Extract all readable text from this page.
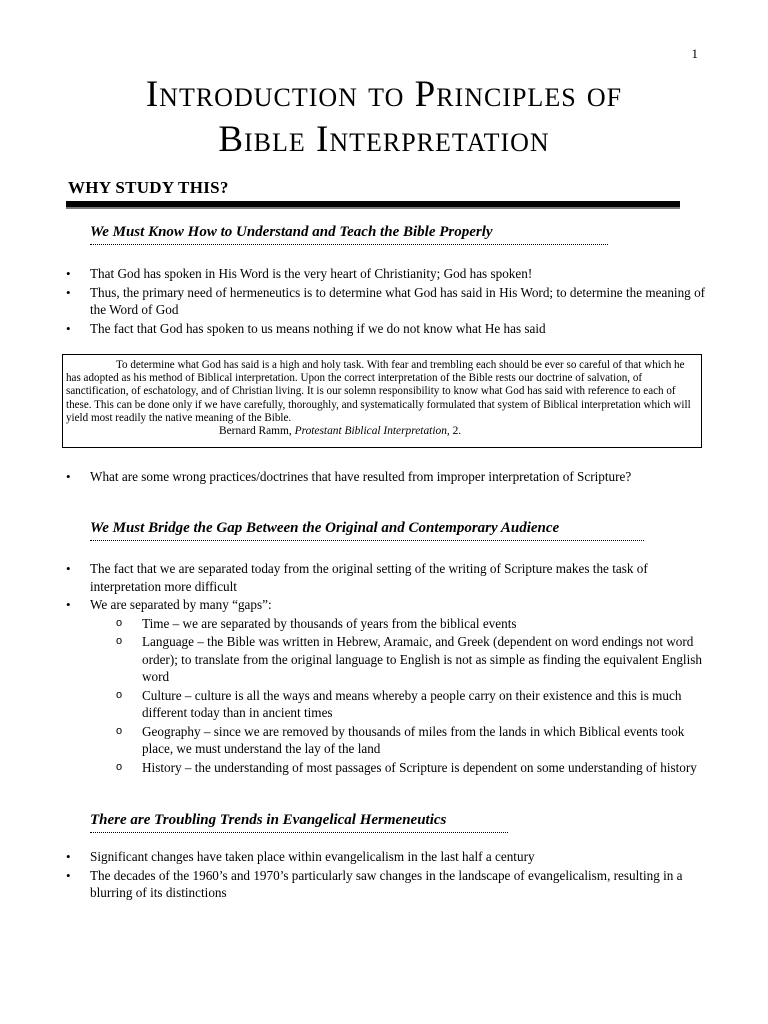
1
Introduction to Principles of
Bible Interpretation
WHY STUDY THIS?
We Must Know How to Understand and Teach the Bible Properly
• That God has spoken in His Word is the very heart of Christianity; God has spoken!
• Thus, the primary need of hermeneutics is to determine what God has said in His Word; to determine the meaning of the Word of God
• The fact that God has spoken to us means nothing if we do not know what He has said
To determine what God has said is a high and holy task. With fear and trembling each should be ever so careful of that which he has adopted as his method of Biblical interpretation. Upon the correct interpretation of the Bible rests our doctrine of salvation, of sanctification, of eschatology, and of Christian living. It is our solemn responsibility to know what God has said with reference to each of these. This can be done only if we have carefully, thoroughly, and systematically formulated that system of Biblical interpretation which will yield most readily the native meaning of the Bible.
Bernard Ramm, Protestant Biblical Interpretation, 2.
• What are some wrong practices/doctrines that have resulted from improper interpretation of Scripture?
We Must Bridge the Gap Between the Original and Contemporary Audience
• The fact that we are separated today from the original setting of the writing of Scripture makes the task of interpretation more difficult
• We are separated by many “gaps”:
o Time – we are separated by thousands of years from the biblical events
o Language – the Bible was written in Hebrew, Aramaic, and Greek (dependent on word endings not word order); to translate from the original language to English is not as simple as finding the equivalent English word
o Culture – culture is all the ways and means whereby a people carry on their existence and this is much different today than in ancient times
o Geography – since we are removed by thousands of miles from the lands in which Biblical events took place, we must understand the lay of the land
o History – the understanding of most passages of Scripture is dependent on some understanding of history
There are Troubling Trends in Evangelical Hermeneutics
• Significant changes have taken place within evangelicalism in the last half a century
• The decades of the 1960’s and 1970’s particularly saw changes in the landscape of evangelicalism, resulting in a blurring of its distinctions
